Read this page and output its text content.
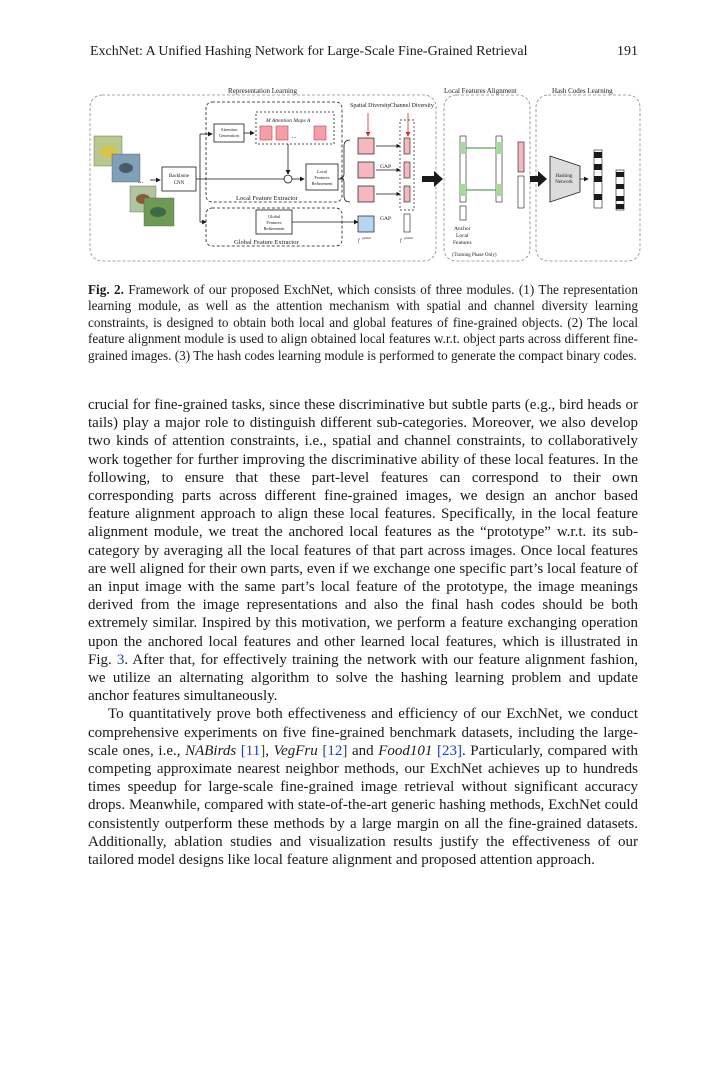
ExchNet: A Unified Hashing Network for Large-Scale Fine-Grained Retrieval	191
Representation Learning	Local Features Alignment	Hash Codes Learning
...
Backbone
CNN
Local Feature Extractor
Attention
Generation
M Attention Maps A
...
Local
Features
Refinement
Global Feature Extractor
Global
Features
Refinement
Spatial Diversity Channel Diversity
GAP
GAP
f
global
f
global
Anchor
Local
Features
(Training Phase Only)
Hashing
Network
Fig. 2. Framework of our proposed ExchNet, which consists of three modules. (1) The representation learning module, as well as the attention mechanism with spatial and channel diversity learning constraints, is designed to obtain both local and global features of fine-grained objects. (2) The local feature alignment module is used to align obtained local features w.r.t. object parts across different fine-grained images. (3) The hash codes learning module is performed to generate the compact binary codes.

crucial for fine-grained tasks, since these discriminative but subtle parts (e.g., bird heads or tails) play a major role to distinguish different sub-categories. Moreover, we also develop two kinds of attention constraints, i.e., spatial and channel constraints, to collaboratively work together for further improving the discriminative ability of these local features. In the following, to ensure that these part-level features can correspond to their own corresponding parts across different fine-grained images, we design an anchor based feature alignment approach to align these local features. Specifically, in the local feature alignment module, we treat the anchored local features as the “prototype” w.r.t. its sub-category by averaging all the local features of that part across images. Once local features are well aligned for their own parts, even if we exchange one specific part’s local feature of an input image with the same part’s local feature of the prototype, the image meanings derived from the image representations and also the final hash codes should be both extremely similar. Inspired by this motivation, we perform a feature exchanging operation upon the anchored local features and other learned local features, which is illustrated in Fig. 3. After that, for effectively training the network with our feature alignment fashion, we utilize an alternating algorithm to solve the hashing learning problem and update anchor features simultaneously.

To quantitatively prove both effectiveness and efficiency of our ExchNet, we conduct comprehensive experiments on five fine-grained benchmark datasets, including the large-scale ones, i.e., NABirds [11], VegFru [12] and Food101 [23]. Particularly, compared with competing approximate nearest neighbor methods, our ExchNet achieves up to hundreds times speedup for large-scale fine-grained image retrieval without significant accuracy drops. Meanwhile, compared with state-of-the-art generic hashing methods, ExchNet could consistently outperform these methods by a large margin on all the fine-grained datasets. Additionally, ablation studies and visualization results justify the effectiveness of our tailored model designs like local feature alignment and proposed attention approach.
